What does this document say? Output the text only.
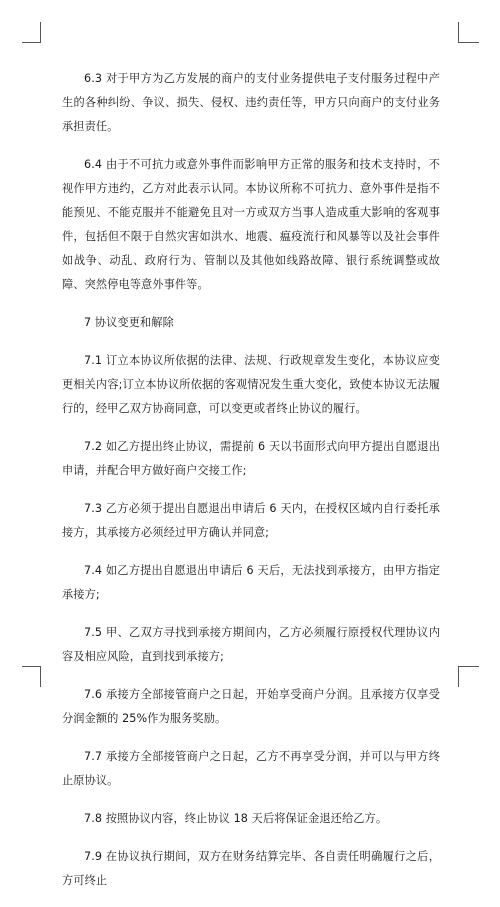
6.3 对于甲方为乙方发展的商户的支付业务提供电子支付服务过程中产生的各种纠纷、争议、损失、侵权、违约责任等，甲方只向商户的支付业务承担责任。

6.4 由于不可抗力或意外事件而影响甲方正常的服务和技术支持时，不视作甲方违约，乙方对此表示认同。本协议所称不可抗力、意外事件是指不能预见、不能克服并不能避免且对一方或双方当事人造成重大影响的客观事件，包括但不限于自然灾害如洪水、地震、瘟疫流行和风暴等以及社会事件如战争、动乱、政府行为、管制以及其他如线路故障、银行系统调整或故障、突然停电等意外事件等。

7 协议变更和解除

7.1 订立本协议所依据的法律、法规、行政规章发生变化，本协议应变更相关内容;订立本协议所依据的客观情况发生重大变化，致使本协议无法履行的，经甲乙双方协商同意，可以变更或者终止协议的履行。

7.2 如乙方提出终止协议，需提前 6 天以书面形式向甲方提出自愿退出申请，并配合甲方做好商户交接工作;

7.3 乙方必须于提出自愿退出申请后 6 天内，在授权区域内自行委托承接方，其承接方必须经过甲方确认并同意;

7.4 如乙方提出自愿退出申请后 6 天后，无法找到承接方，由甲方指定承接方;

7.5 甲、乙双方寻找到承接方期间内，乙方必须履行原授权代理协议内容及相应风险，直到找到承接方;

7.6 承接方全部接管商户之日起，开始享受商户分润。且承接方仅享受分润金额的 25%作为服务奖励。

7.7 承接方全部接管商户之日起，乙方不再享受分润，并可以与甲方终止原协议。

7.8 按照协议内容，终止协议 18 天后将保证金退还给乙方。

7.9 在协议执行期间，双方在财务结算完毕、各自责任明确履行之后，方可终止
